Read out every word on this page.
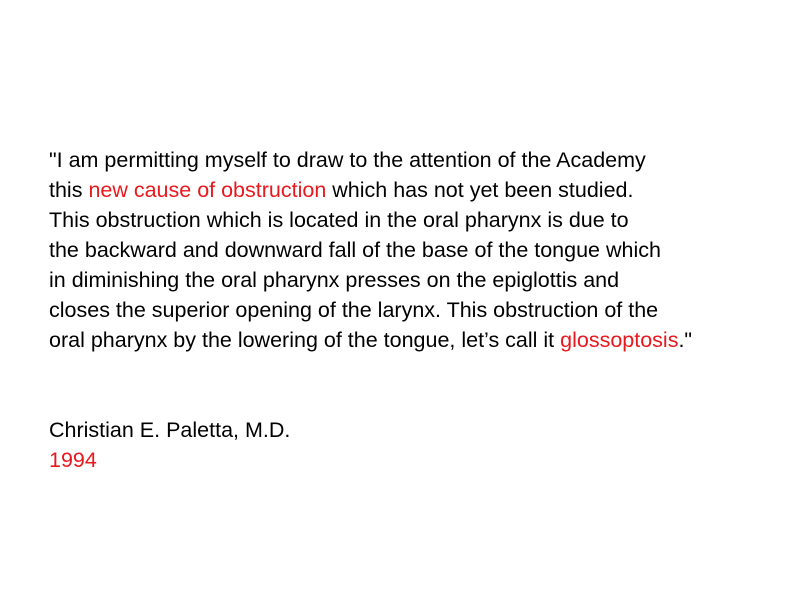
"I am permitting myself to draw to the attention of the Academy
this new cause of obstruction which has not yet been studied.
This obstruction which is located in the oral pharynx is due to
the backward and downward fall of the base of the tongue which
in diminishing the oral pharynx presses on the epiglottis and
closes the superior opening of the larynx. This obstruction of the
oral pharynx by the lowering of the tongue, let’s call it glossoptosis."

Christian E. Paletta, M.D.
1994
